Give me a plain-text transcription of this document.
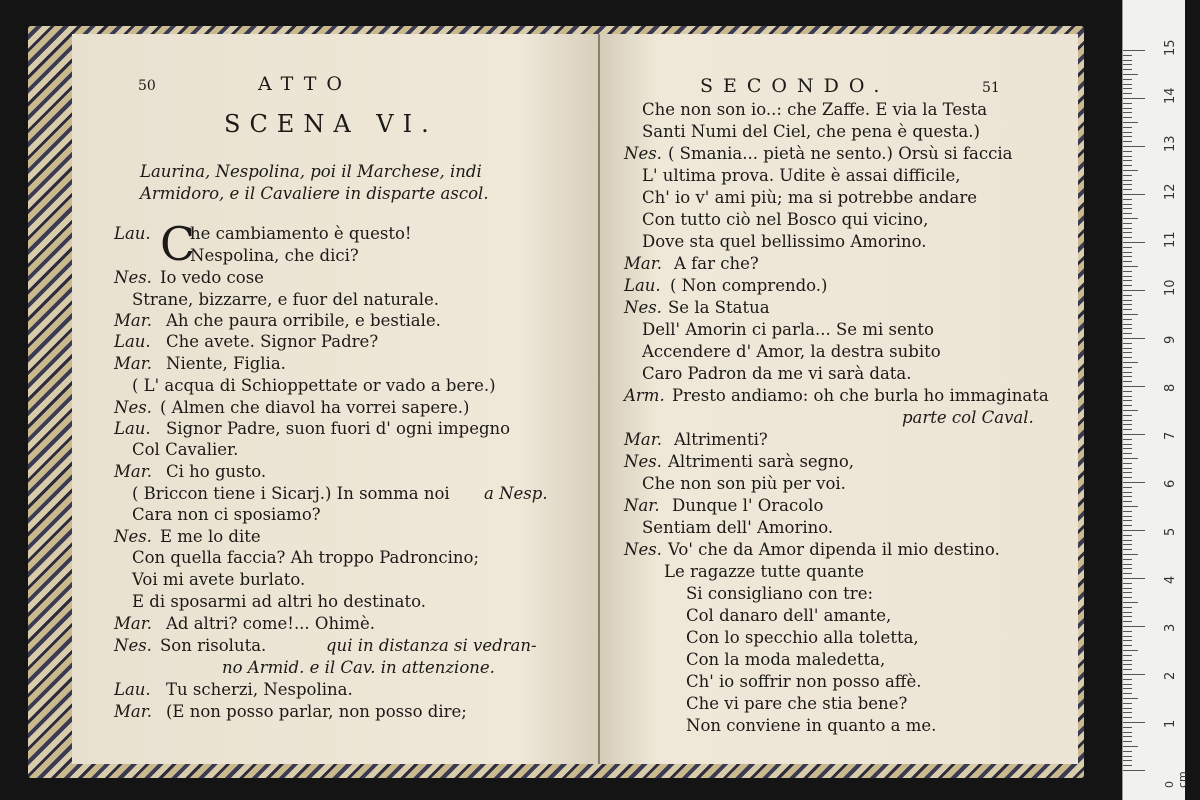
50	ATTO
SCENA VI.
Laurina, Nespolina, poi il Marchese, indi
Armidoro, e il Cavaliere in disparte ascol.
C
Lau. he cambiamento è questo!
Nespolina, che dici?
Nes. Io vedo cose
Strane, bizzarre, e fuor del naturale.
Mar. Ah che paura orribile, e bestiale.
Lau. Che avete. Signor Padre?
Mar. Niente, Figlia.
( L' acqua di Schioppettate or vado a bere.)
Nes. ( Almen che diavol ha vorrei sapere.)
Lau. Signor Padre, suon fuori d' ogni impegno
Col Cavalier.
Mar. Ci ho gusto.
( Briccon tiene i Sicarj.) In somma noi a Nesp.
Cara non ci sposiamo?
Nes. E me lo dite
Con quella faccia? Ah troppo Padroncino;
Voi mi avete burlato.
E di sposarmi ad altri ho destinato.
Mar. Ad altri? come!... Ohimè.
Nes. Son risoluta.	qui in distanza si vedran-
no Armid. e il Cav. in attenzione.
Lau. Tu scherzi, Nespolina.
Mar. (E non posso parlar, non posso dire;
SECONDO.	51
Che non son io..: che Zaffe. E via la Testa
Santi Numi del Ciel, che pena è questa.)
Nes. ( Smania... pietà ne sento.) Orsù si faccia
L' ultima prova. Udite è assai difficile,
Ch' io v' ami più; ma si potrebbe andare
Con tutto ciò nel Bosco qui vicino,
Dove sta quel bellissimo Amorino.
Mar. A far che?
Lau. ( Non comprendo.)
Nes. Se la Statua
Dell' Amorin ci parla... Se mi sento
Accendere d' Amor, la destra subito
Caro Padron da me vi sarà data.
Arm. Presto andiamo: oh che burla ho immaginata
parte col Caval.
Mar. Altrimenti?
Nes. Altrimenti sarà segno,
Che non son più per voi.
Nar. Dunque l' Oracolo
Sentiam dell' Amorino.
Nes. Vo' che da Amor dipenda il mio destino.
Le ragazze tutte quante
Si consigliano con tre:
Col danaro dell' amante,
Con lo specchio alla toletta,
Con la moda maledetta,
Ch' io soffrir non posso affè.
Che vi pare che stia bene?
Non conviene in quanto a me.
0 cm
1
2
3
4
5
6
7
8
9
10
11
12
13
14
15
